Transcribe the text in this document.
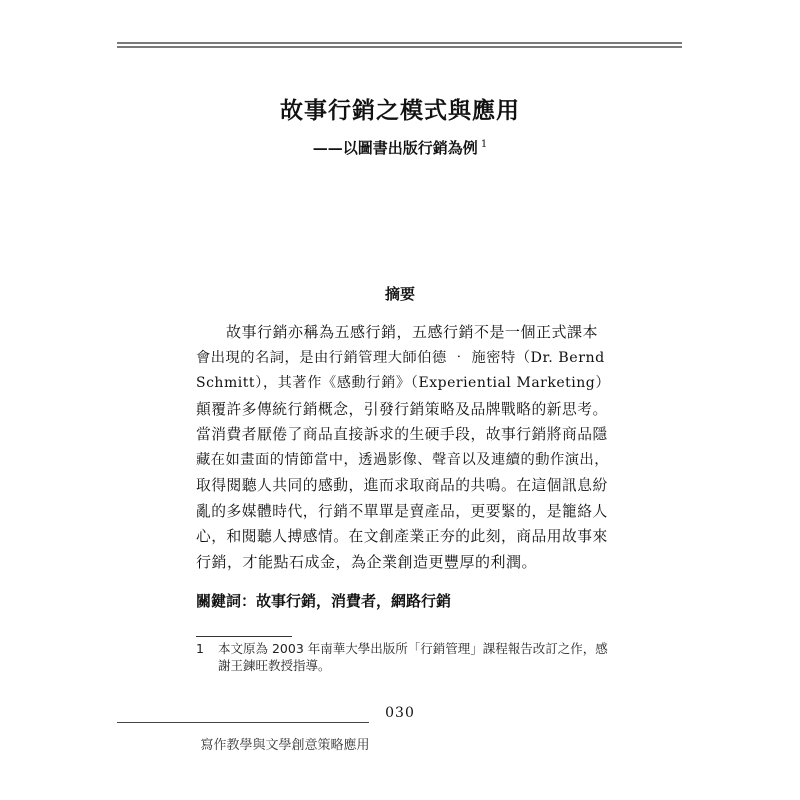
故事行銷之模式與應用
——以圖書出版行銷為例 $^1$
摘要
故事行銷亦稱為五感行銷，五感行銷不是一個正式課本
會出現的名詞，是由行銷管理大師伯德 ‧ 施密特（Dr. Bernd
Schmitt），其著作《感動行銷》（Experiential Marketing）
顛覆許多傳統行銷概念，引發行銷策略及品牌戰略的新思考。
當消費者厭倦了商品直接訴求的生硬手段，故事行銷將商品隱
藏在如畫面的情節當中，透過影像、聲音以及連續的動作演出，
取得閱聽人共同的感動，進而求取商品的共鳴。在這個訊息紛
亂的多媒體時代，行銷不單單是賣產品，更要緊的，是籠絡人
心，和閱聽人搏感情。在文創產業正夯的此刻，商品用故事來
行銷，才能點石成金，為企業創造更豐厚的利潤。
關鍵詞：故事行銷，消費者，網路行銷
1 本文原為 2003 年南華大學出版所「行銷管理」課程報告改訂之作，感謝王鍊旺教授指導。
030
寫作教學與文學創意策略應用
